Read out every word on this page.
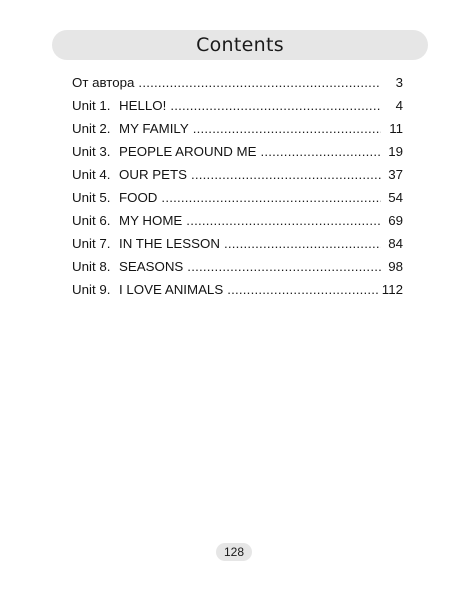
Contents
От автора .....	3
Unit 1. HELLO! .....	4
Unit 2. MY FAMILY .....	11
Unit 3. PEOPLE AROUND ME .....	19
Unit 4. OUR PETS .....	37
Unit 5. FOOD .....	54
Unit 6. MY HOME .....	69
Unit 7. IN THE LESSON .....	84
Unit 8. SEASONS .....	98
Unit 9. I LOVE ANIMALS .....	112
128
